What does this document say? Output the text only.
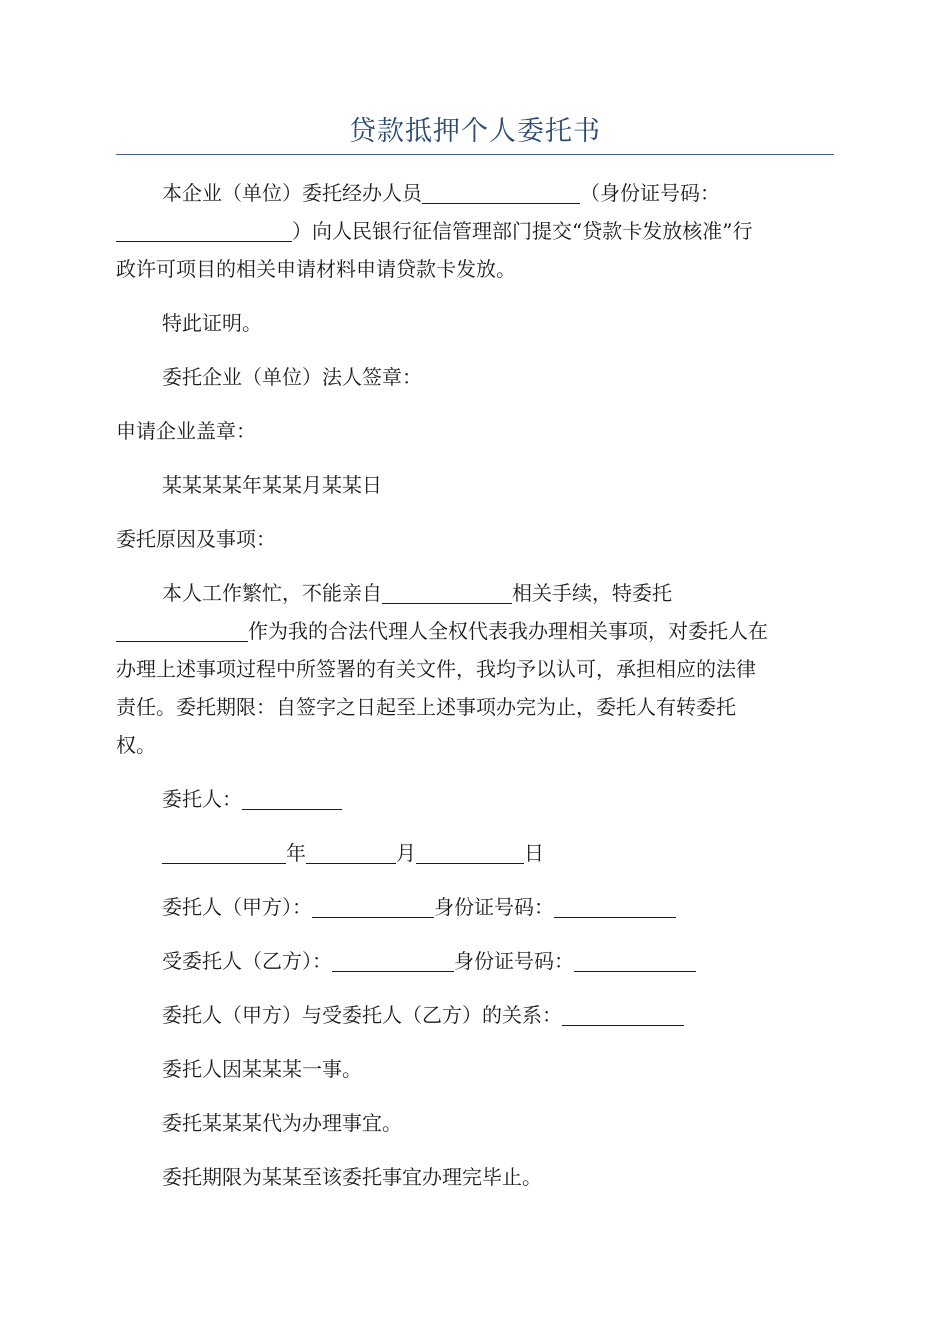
贷款抵押个人委托书
本企业（单位）委托经办人员	（身份证号码：
）向人民银行征信管理部门提交“贷款卡发放核准”行
政许可项目的相关申请材料申请贷款卡发放。
特此证明。
委托企业（单位）法人签章：
申请企业盖章：
某某某某年某某月某某日
委托原因及事项：
本人工作繁忙，不能亲自	相关手续，特委托
作为我的合法代理人全权代表我办理相关事项，对委托人在
办理上述事项过程中所签署的有关文件，我均予以认可，承担相应的法律
责任。委托期限：自签字之日起至上述事项办完为止，委托人有转委托
权。
委托人：
年	月	日
委托人（甲方）：	身份证号码：
受委托人（乙方）：	身份证号码：
委托人（甲方）与受委托人（乙方）的关系：
委托人因某某某一事。
委托某某某代为办理事宜。
委托期限为某某至该委托事宜办理完毕止。
